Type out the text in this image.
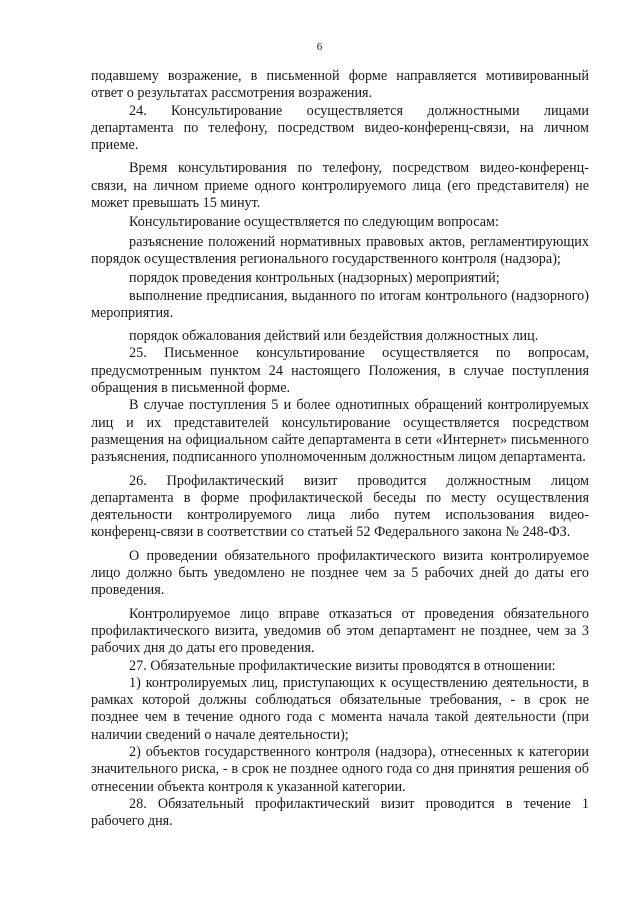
6

подавшему возражение, в письменной форме направляется мотивированный ответ о результатах рассмотрения возражения.

24. Консультирование осуществляется должностными лицами департамента по телефону, посредством видео-конференц-связи, на личном приеме.

Время консультирования по телефону, посредством видео-конференц-связи, на личном приеме одного контролируемого лица (его представителя) не может превышать 15 минут.

Консультирование осуществляется по следующим вопросам:

разъяснение положений нормативных правовых актов, регламентирующих порядок осуществления регионального государственного контроля (надзора);

порядок проведения контрольных (надзорных) мероприятий;

выполнение предписания, выданного по итогам контрольного (надзорного) мероприятия.

порядок обжалования действий или бездействия должностных лиц.

25. Письменное консультирование осуществляется по вопросам, предусмотренным пунктом 24 настоящего Положения, в случае поступления обращения в письменной форме.

В случае поступления 5 и более однотипных обращений контролируемых лиц и их представителей консультирование осуществляется посредством размещения на официальном сайте департамента в сети «Интернет» письменного разъяснения, подписанного уполномоченным должностным лицом департамента.

26. Профилактический визит проводится должностным лицом департамента в форме профилактической беседы по месту осуществления деятельности контролируемого лица либо путем использования видео-конференц-связи в соответствии со статьей 52 Федерального закона № 248-ФЗ.

О проведении обязательного профилактического визита контролируемое лицо должно быть уведомлено не позднее чем за 5 рабочих дней до даты его проведения.

Контролируемое лицо вправе отказаться от проведения обязательного профилактического визита, уведомив об этом департамент не позднее, чем за 3 рабочих дня до даты его проведения.

27. Обязательные профилактические визиты проводятся в отношении:

1) контролируемых лиц, приступающих к осуществлению деятельности, в рамках которой должны соблюдаться обязательные требования, - в срок не позднее чем в течение одного года с момента начала такой деятельности (при наличии сведений о начале деятельности);

2) объектов государственного контроля (надзора), отнесенных к категории значительного риска, - в срок не позднее одного года со дня принятия решения об отнесении объекта контроля к указанной категории.

28. Обязательный профилактический визит проводится в течение 1 рабочего дня.
